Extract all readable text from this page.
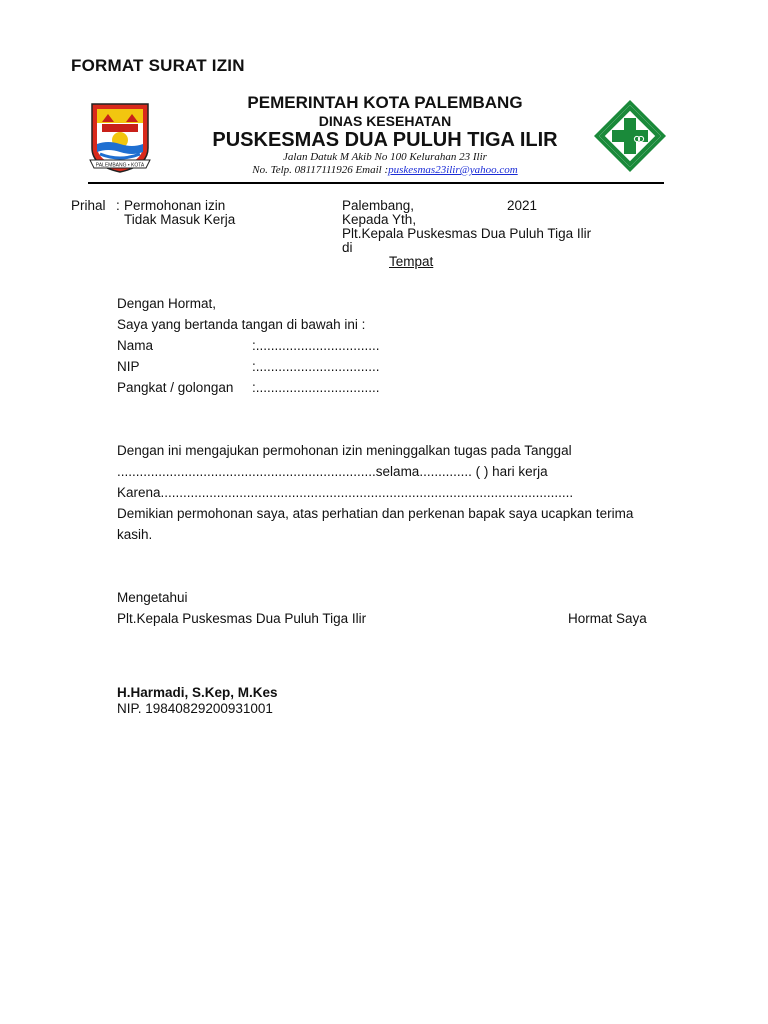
FORMAT SURAT IZIN
PALEMBANG • KOTA
PEMERINTAH KOTA PALEMBANG
DINAS KESEHATAN
PUSKESMAS DUA PULUH TIGA ILIR
Jalan Datuk M Akib No 100 Kelurahan 23 Ilir
No. Telp. 08117111926 Email :puskesmas23ilir@yahoo.com
Prihal : Permohonan izin
Tidak Masuk Kerja
Palembang,	2021
Kepada Yth,
Plt.Kepala Puskesmas Dua Puluh Tiga Ilir
di
Tempat
Dengan Hormat,
Saya yang bertanda tangan di bawah ini :
Nama	:.................................
NIP	:.................................
Pangkat / golongan :.................................
Dengan ini mengajukan permohonan izin meninggalkan tugas pada Tanggal
.....................................................................selama.............. ( ) hari kerja
Karena..............................................................................................................
Demikian permohonan saya, atas perhatian dan perkenan bapak saya ucapkan terima
kasih.
Mengetahui
Plt.Kepala Puskesmas Dua Puluh Tiga Ilir	Hormat Saya
H.Harmadi, S.Kep, M.Kes
NIP. 19840829200931001
